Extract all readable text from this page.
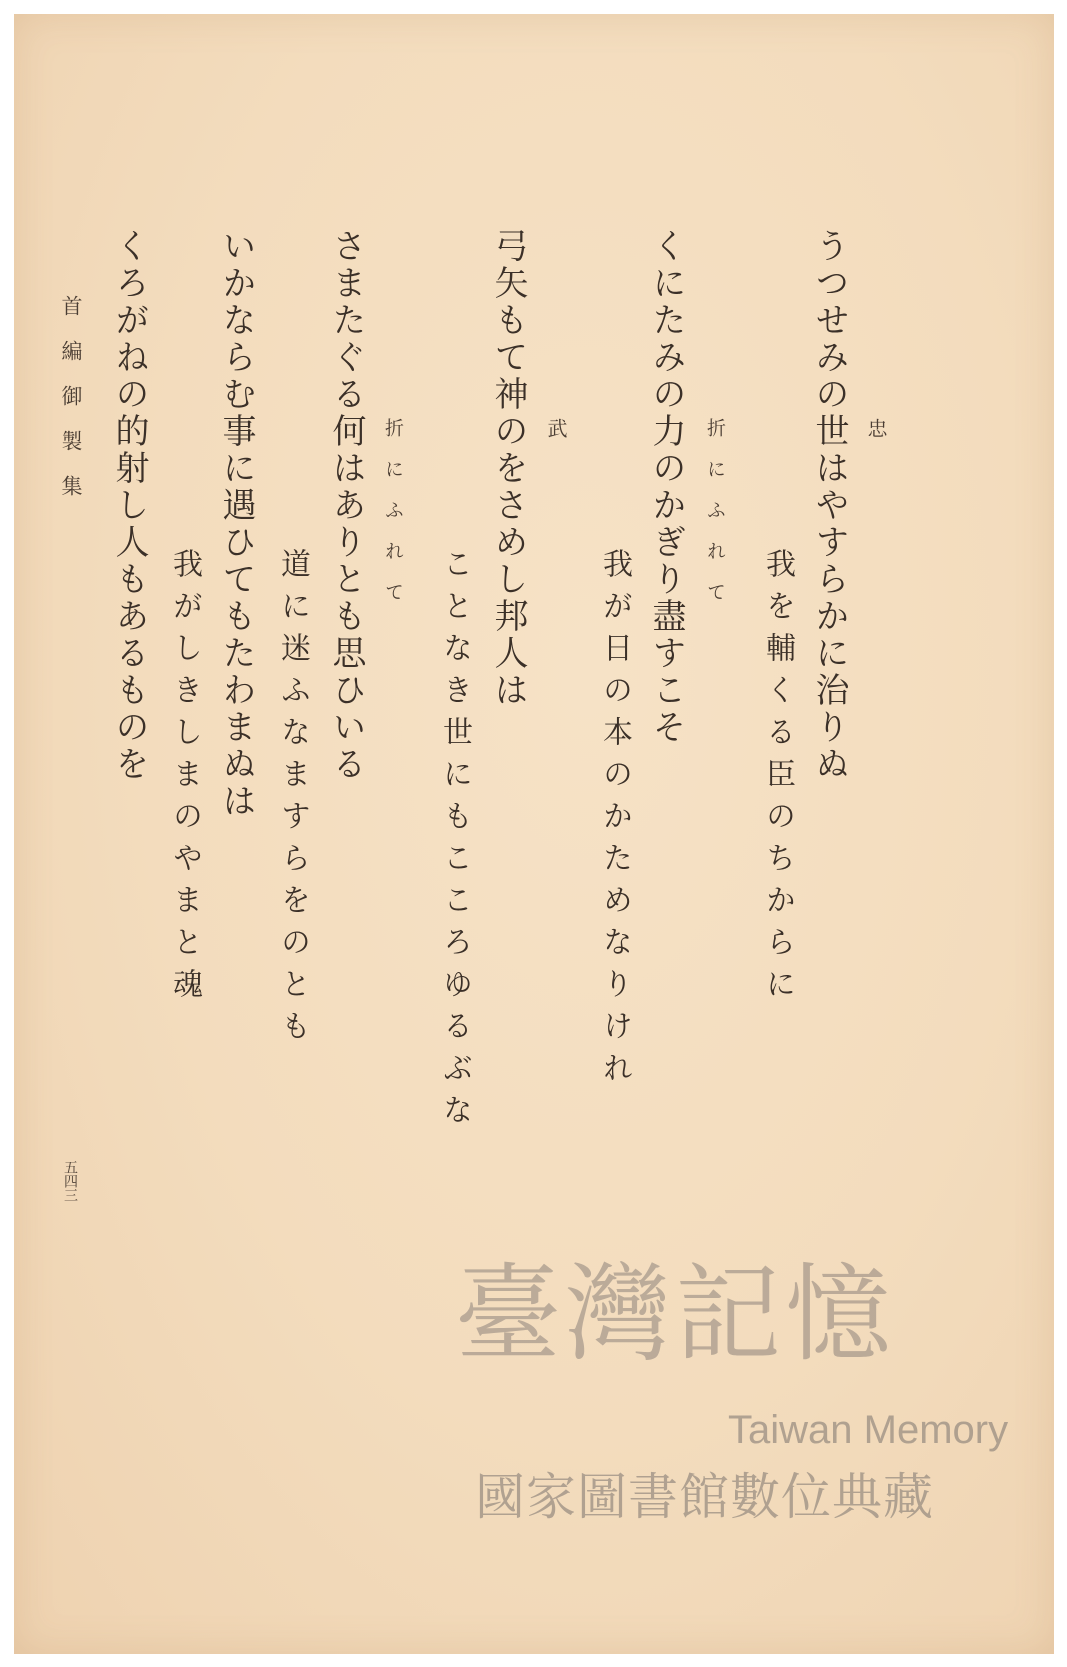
忠
うつせみの世はやすらかに治りぬ
我を輔くる臣のちからに
折にふれて
くにたみの力のかぎり盡すこそ
我が日の本のかためなりけれ
武
弓矢もて神のをさめし邦人は
ことなき世にもこころゆるぶな
折にふれて
さまたぐる何はありとも思ひいる
道に迷ふなますらをのとも
いかならむ事に遇ひてもたわまぬは
我がしきしまのやまと魂
くろがねの的射し人もあるものを
首編御製集
五四三
臺灣記憶
Taiwan Memory
國家圖書館數位典藏
